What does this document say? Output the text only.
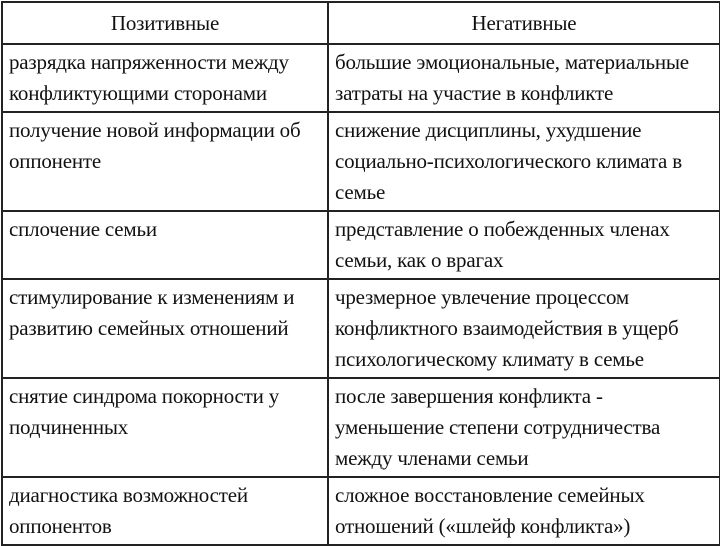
Позитивные	Негативные
разрядка напряженности между конфликтующими сторонами	большие эмоциональные, материальные затраты на участие в конфликте
получение новой информации об оппоненте	снижение дисциплины, ухудшение социально-психологического климата в семье
сплочение семьи	представление о побежденных членах семьи, как о врагах
стимулирование к изменениям и развитию семейных отношений	чрезмерное увлечение процессом конфликтного взаимодействия в ущерб психологическому климату в семье
снятие синдрома покорности у подчиненных	после завершения конфликта - уменьшение степени сотрудничества между членами семьи
диагностика возможностей оппонентов	сложное восстановление семейных отношений («шлейф конфликта»)
